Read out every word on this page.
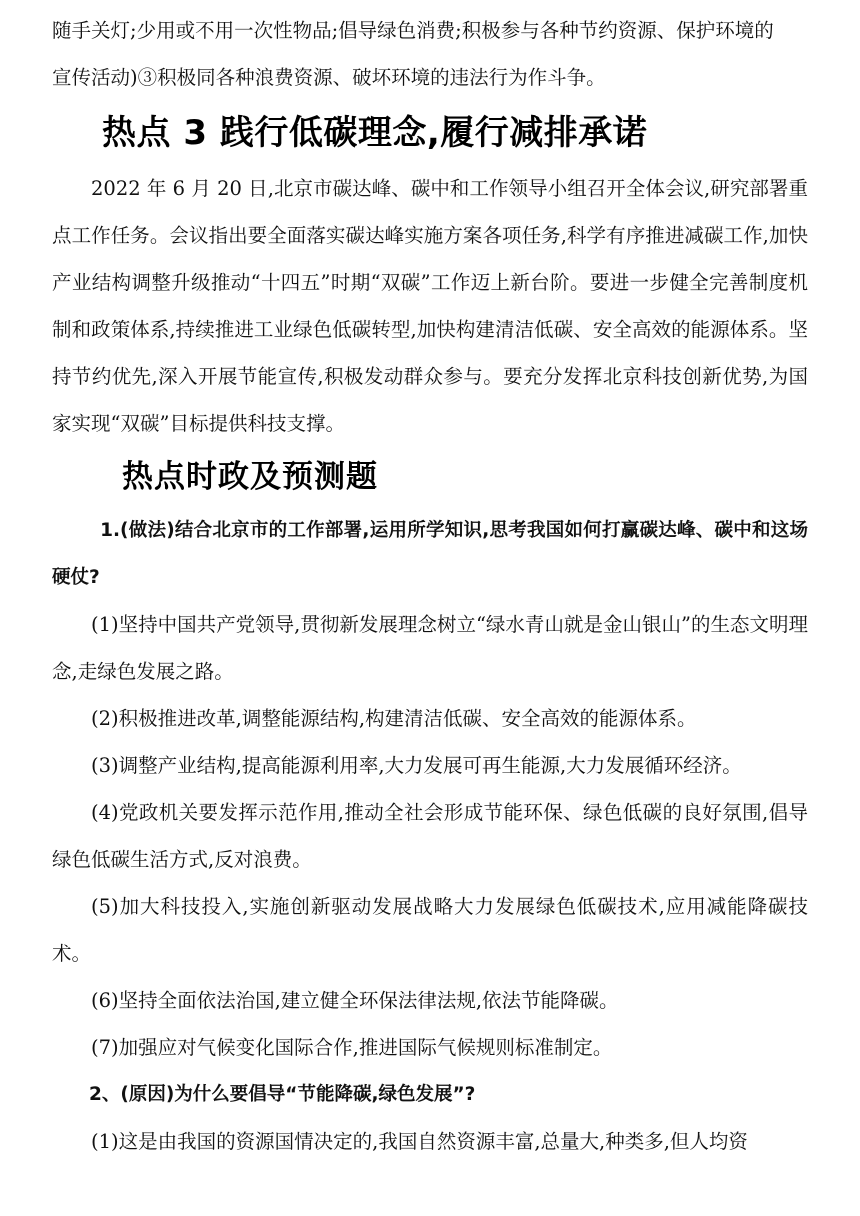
随手关灯;少用或不用一次性物品;倡导绿色消费;积极参与各种节约资源、保护环境的

宣传活动)③积极同各种浪费资源、破坏环境的违法行为作斗争。

热点 3 践行低碳理念,履行减排承诺

2022 年 6 月 20 日,北京市碳达峰、碳中和工作领导小组召开全体会议,研究部署重点工作任务。会议指出要全面落实碳达峰实施方案各项任务,科学有序推进减碳工作,加快产业结构调整升级推动“十四五”时期“双碳”工作迈上新台阶。要进一步健全完善制度机制和政策体系,持续推进工业绿色低碳转型,加快构建清洁低碳、安全高效的能源体系。坚持节约优先,深入开展节能宣传,积极发动群众参与。要充分发挥北京科技创新优势,为国家实现“双碳”目标提供科技支撑。

热点时政及预测题

1.(做法)结合北京市的工作部署,运用所学知识,思考我国如何打赢碳达峰、碳中和这场硬仗?

(1)坚持中国共产党领导,贯彻新发展理念树立“绿水青山就是金山银山”的生态文明理念,走绿色发展之路。

(2)积极推进改革,调整能源结构,构建清洁低碳、安全高效的能源体系。

(3)调整产业结构,提高能源利用率,大力发展可再生能源,大力发展循环经济。

(4)党政机关要发挥示范作用,推动全社会形成节能环保、绿色低碳的良好氛围,倡导绿色低碳生活方式,反对浪费。

(5)加大科技投入,实施创新驱动发展战略大力发展绿色低碳技术,应用减能降碳技术。

(6)坚持全面依法治国,建立健全环保法律法规,依法节能降碳。

(7)加强应对气候变化国际合作,推进国际气候规则标准制定。

2、(原因)为什么要倡导“节能降碳,绿色发展”?

(1)这是由我国的资源国情决定的,我国自然资源丰富,总量大,种类多,但人均资
